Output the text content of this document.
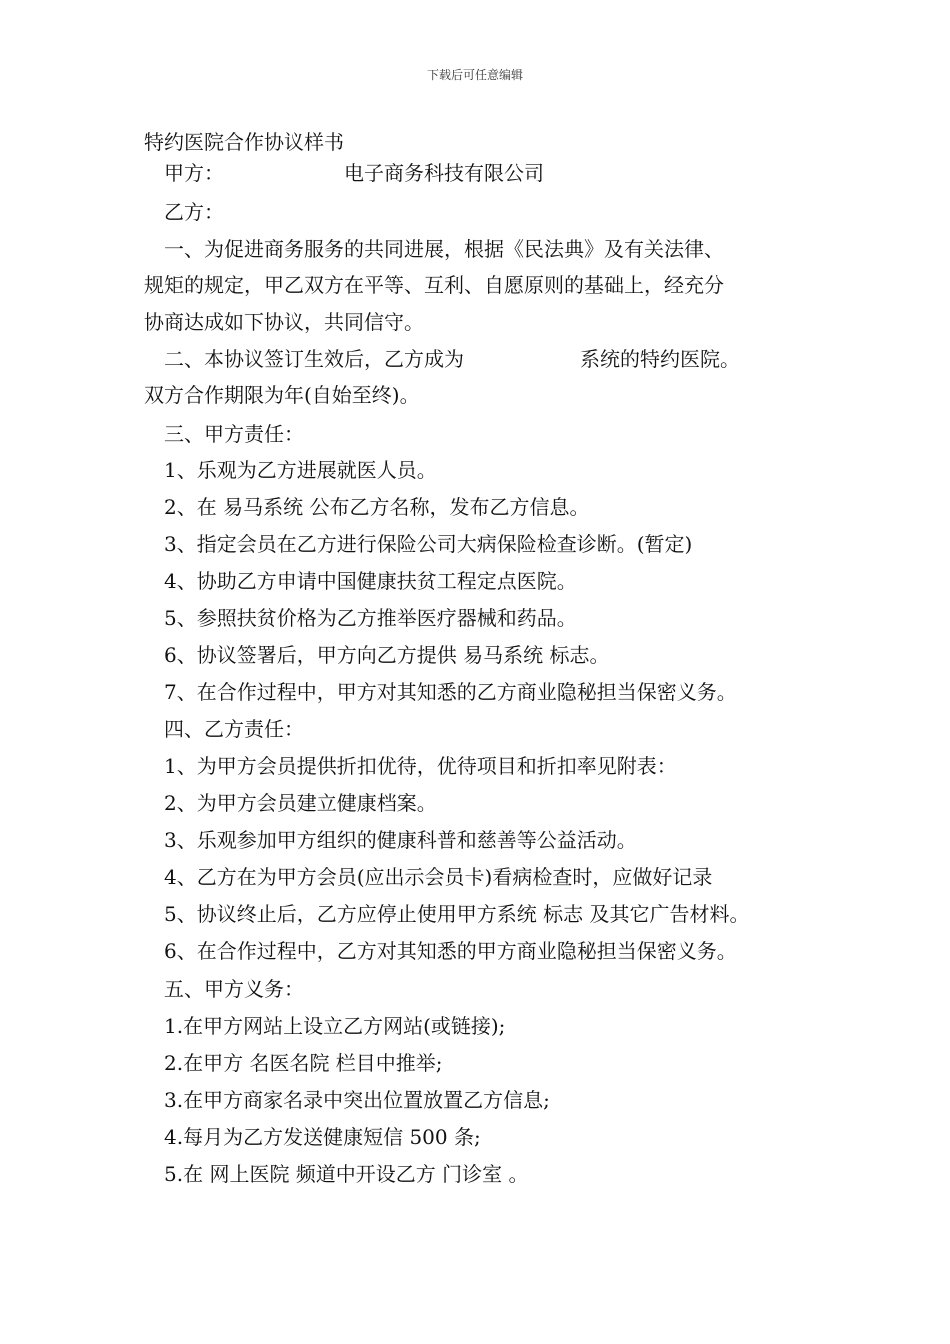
下载后可任意编辑
特约医院合作协议样书
甲方：	电子商务科技有限公司
乙方：
一、为促进商务服务的共同进展，根据《民法典》及有关法律、
规矩的规定，甲乙双方在平等、互利、自愿原则的基础上，经充分
协商达成如下协议，共同信守。
二、本协议签订生效后，乙方成为	系统的特约医院。
双方合作期限为年(自始至终)。
三、甲方责任：
1、乐观为乙方进展就医人员。
2、在 易马系统 公布乙方名称，发布乙方信息。
3、指定会员在乙方进行保险公司大病保险检查诊断。(暂定)
4、协助乙方申请中国健康扶贫工程定点医院。
5、参照扶贫价格为乙方推举医疗器械和药品。
6、协议签署后，甲方向乙方提供 易马系统 标志。
7、在合作过程中，甲方对其知悉的乙方商业隐秘担当保密义务。
四、乙方责任：
1、为甲方会员提供折扣优待，优待项目和折扣率见附表：
2、为甲方会员建立健康档案。
3、乐观参加甲方组织的健康科普和慈善等公益活动。
4、乙方在为甲方会员(应出示会员卡)看病检查时，应做好记录
5、协议终止后，乙方应停止使用甲方系统 标志 及其它广告材料。
6、在合作过程中，乙方对其知悉的甲方商业隐秘担当保密义务。
五、甲方义务：
1.在甲方网站上设立乙方网站(或链接);
2.在甲方 名医名院 栏目中推举;
3.在甲方商家名录中突出位置放置乙方信息;
4.每月为乙方发送健康短信 500 条;
5.在 网上医院 频道中开设乙方 门诊室 。
